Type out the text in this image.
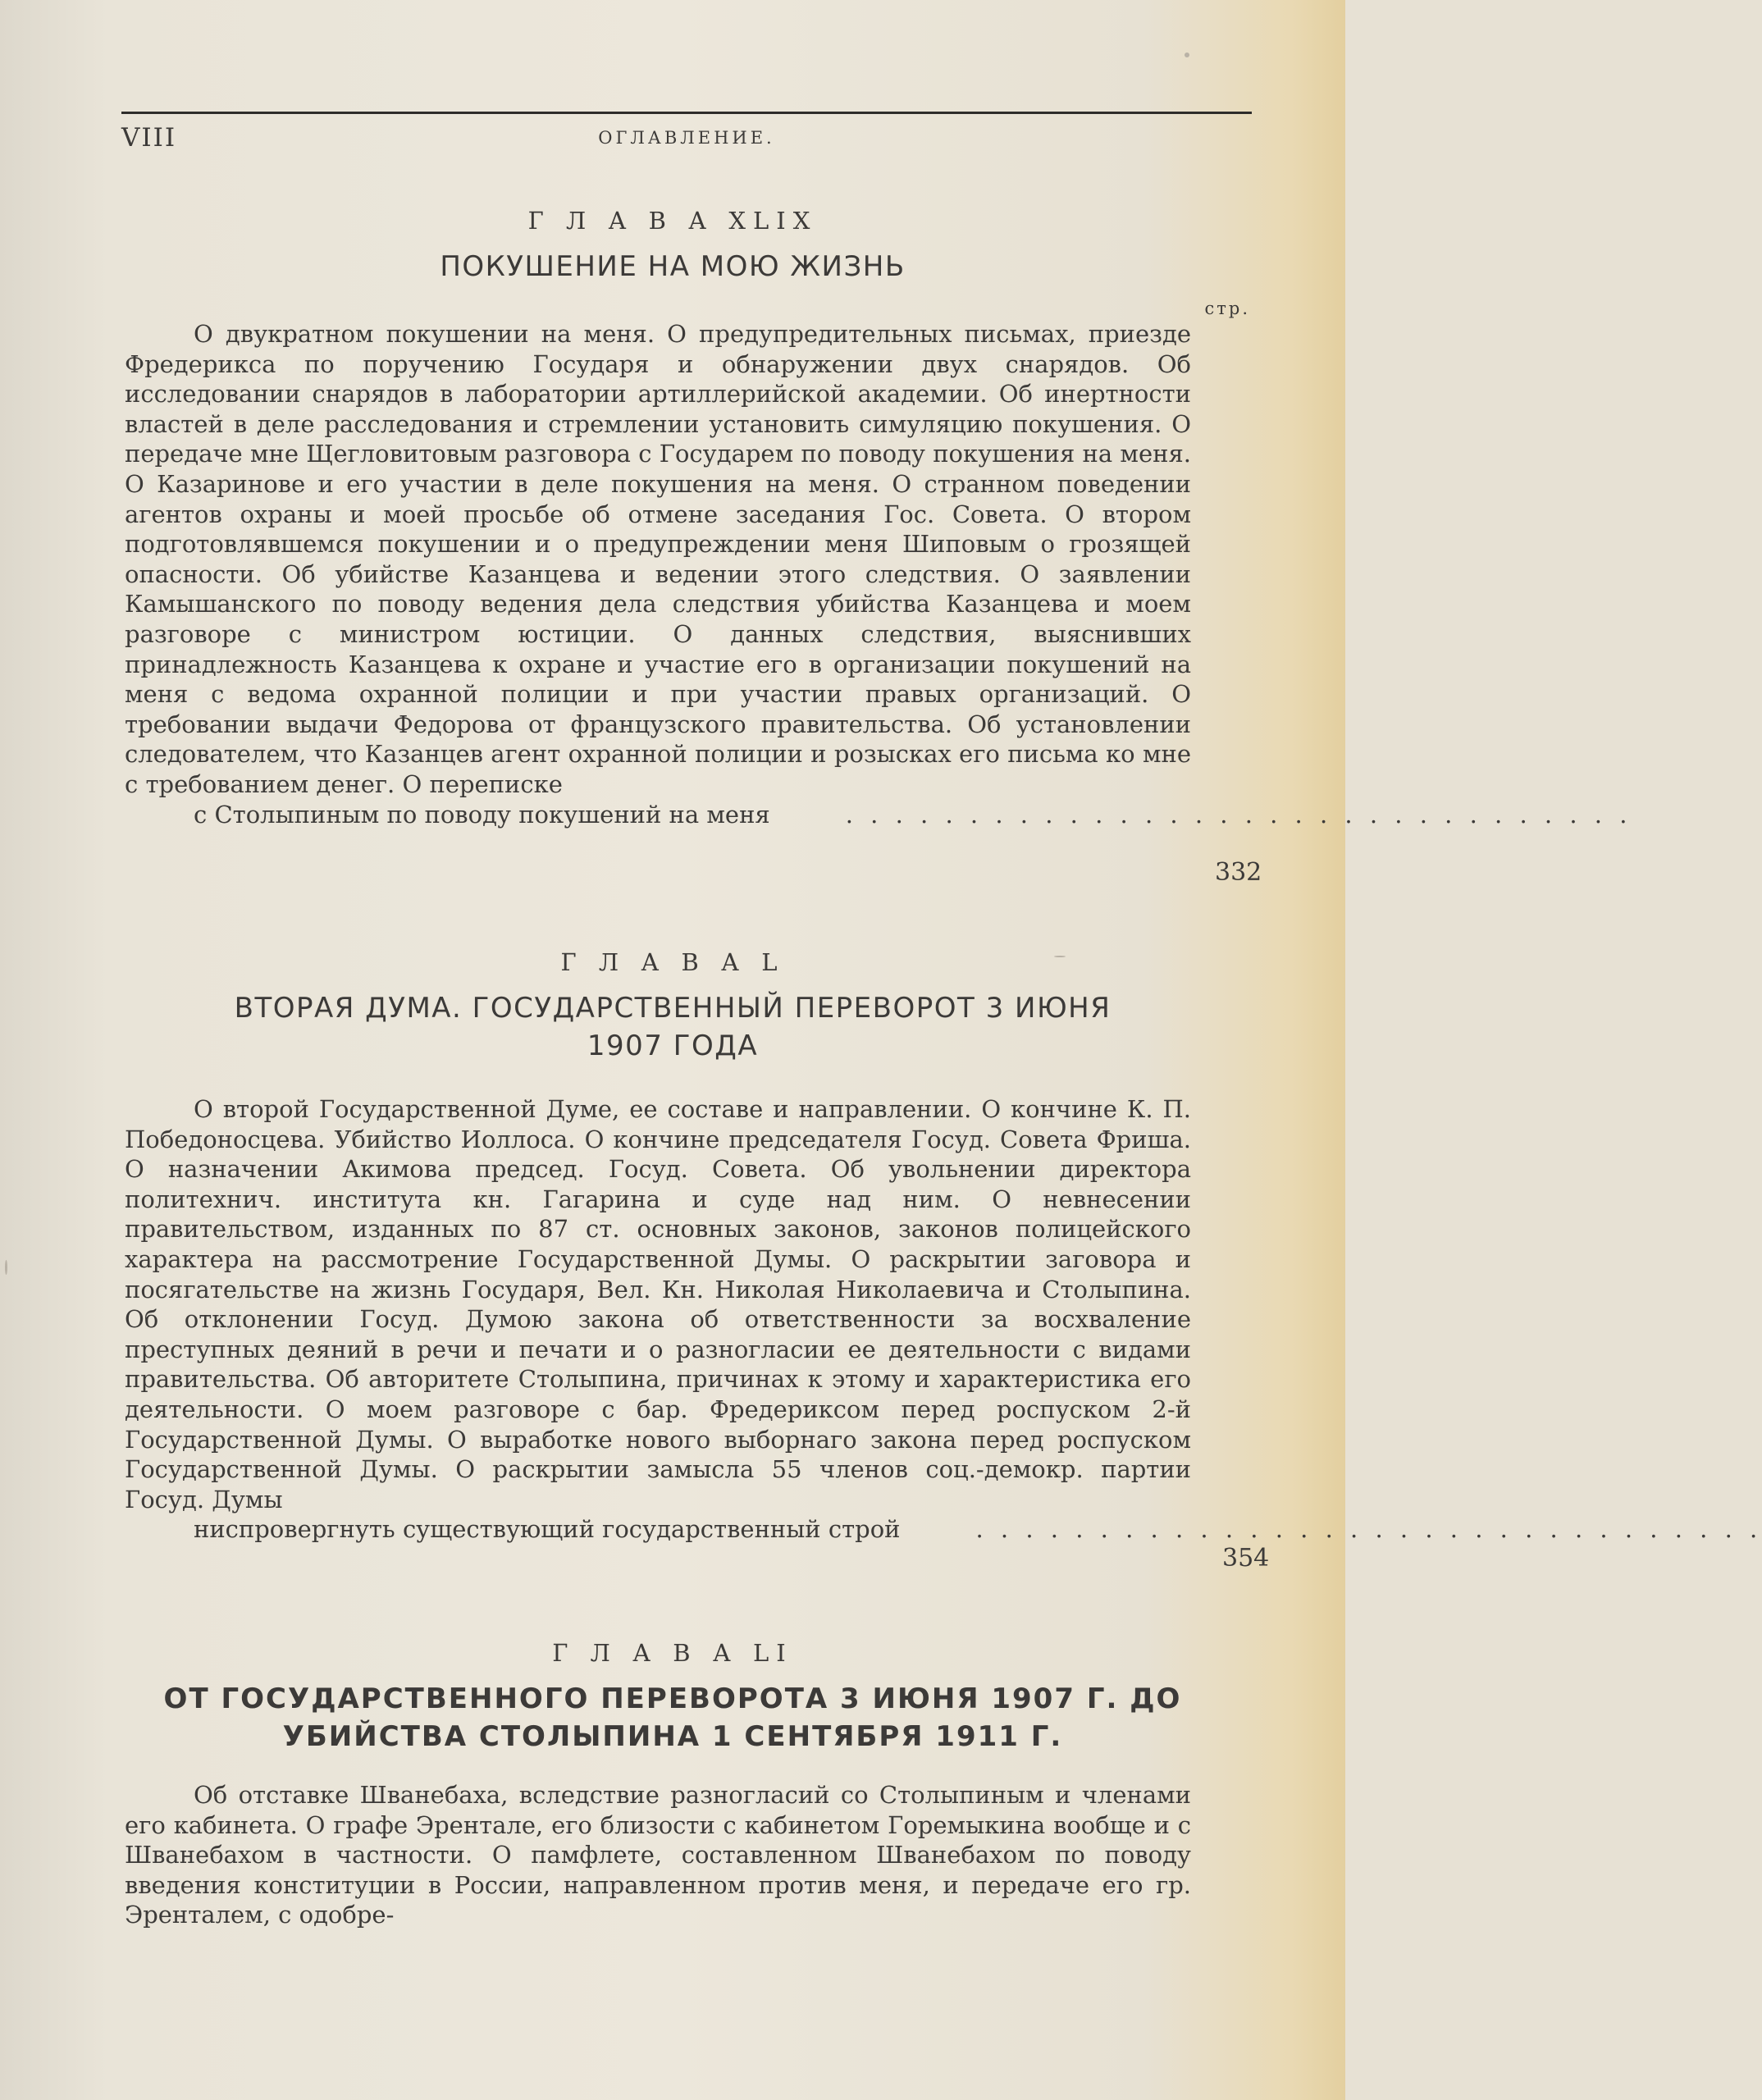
VIII	ОГЛАВЛЕНИЕ.
Г Л А В А XLIX
ПОКУШЕНИЕ НА МОЮ ЖИЗНЬ
стр.
О двукратном покушении на меня. О предупредительных письмах, приезде Фредерикса по поручению Государя и обнаружении двух снарядов. Об исследовании снарядов в лаборатории артиллерийской академии. Об инертности властей в деле расследования и стремлении установить симуляцию покушения. О передаче мне Щегловитовым разговора с Государем по поводу покушения на меня. О Казаринове и его участии в деле покушения на меня. О странном поведении агентов охраны и моей просьбе об отмене заседания Гос. Совета. О втором подготовлявшемся покушении и о предупреждении меня Шиповым о грозящей опасности. Об убийстве Казанцева и ведении этого следствия. О заявлении Камышанского по поводу ведения дела следствия убийства Казанцева и моем разговоре с министром юстиции. О данных следствия, выяснивших принадлежность Казанцева к охране и участие его в организации покушений на меня с ведома охранной полиции и при участии правых организаций. О требовании выдачи Федорова от французского правительства. Об установлении следователем, что Казанцев агент охранной полиции и розысках его письма ко мне с требованием денег. О переписке
с Столыпиным по поводу покушений на меня	. . . . . . . . . . . . . . . . . . . . . . . . . . . . . . . .
332
Г Л А В А L
ВТОРАЯ ДУМА. ГОСУДАРСТВЕННЫЙ ПЕРЕВОРОТ 3 ИЮНЯ
1907 ГОДА
О второй Государственной Думе, ее составе и направлении. О кончине К. П. Победоносцева. Убийство Иоллоса. О кончине председателя Госуд. Совета Фриша. О назначении Акимова председ. Госуд. Совета. Об увольнении директора политехнич. института кн. Гагарина и суде над ним. О невнесении правительством, изданных по 87 ст. основных законов, законов полицейского характера на рассмотрение Государственной Думы. О раскрытии заговора и посягательстве на жизнь Государя, Вел. Кн. Николая Николаевича и Столыпина. Об отклонении Госуд. Думою закона об ответственности за восхваление преступных деяний в речи и печати и о разногласии ее деятельности с видами правительства. Об авторитете Столыпина, причинах к этому и характеристика его деятельности. О моем разговоре с бар. Фредериксом перед роспуском 2-й Государственной Думы. О выработке нового выборнаго закона перед роспуском Государственной Думы. О раскрытии замысла 55 членов соц.-демокр. партии Госуд. Думы
ниспровергнуть существующий государственный строй	. . . . . . . . . . . . . . . . . . . . . . . . . . . . . . . .
354
Г Л А В А LI
ОТ ГОСУДАРСТВЕННОГО ПЕРЕВОРОТА 3 ИЮНЯ 1907 Г. ДО
УБИЙСТВА СТОЛЫПИНА 1 СЕНТЯБРЯ 1911 Г.
Об отставке Шванебаха, вследствие разногласий со Столыпиным и членами его кабинета. О графе Эрентале, его близости с кабинетом Горемыкина вообще и с Шванебахом в частности. О памфлете, составленном Шванебахом по поводу введения конституции в России, направленном против меня, и передаче его гр. Эренталем, с одобре-
